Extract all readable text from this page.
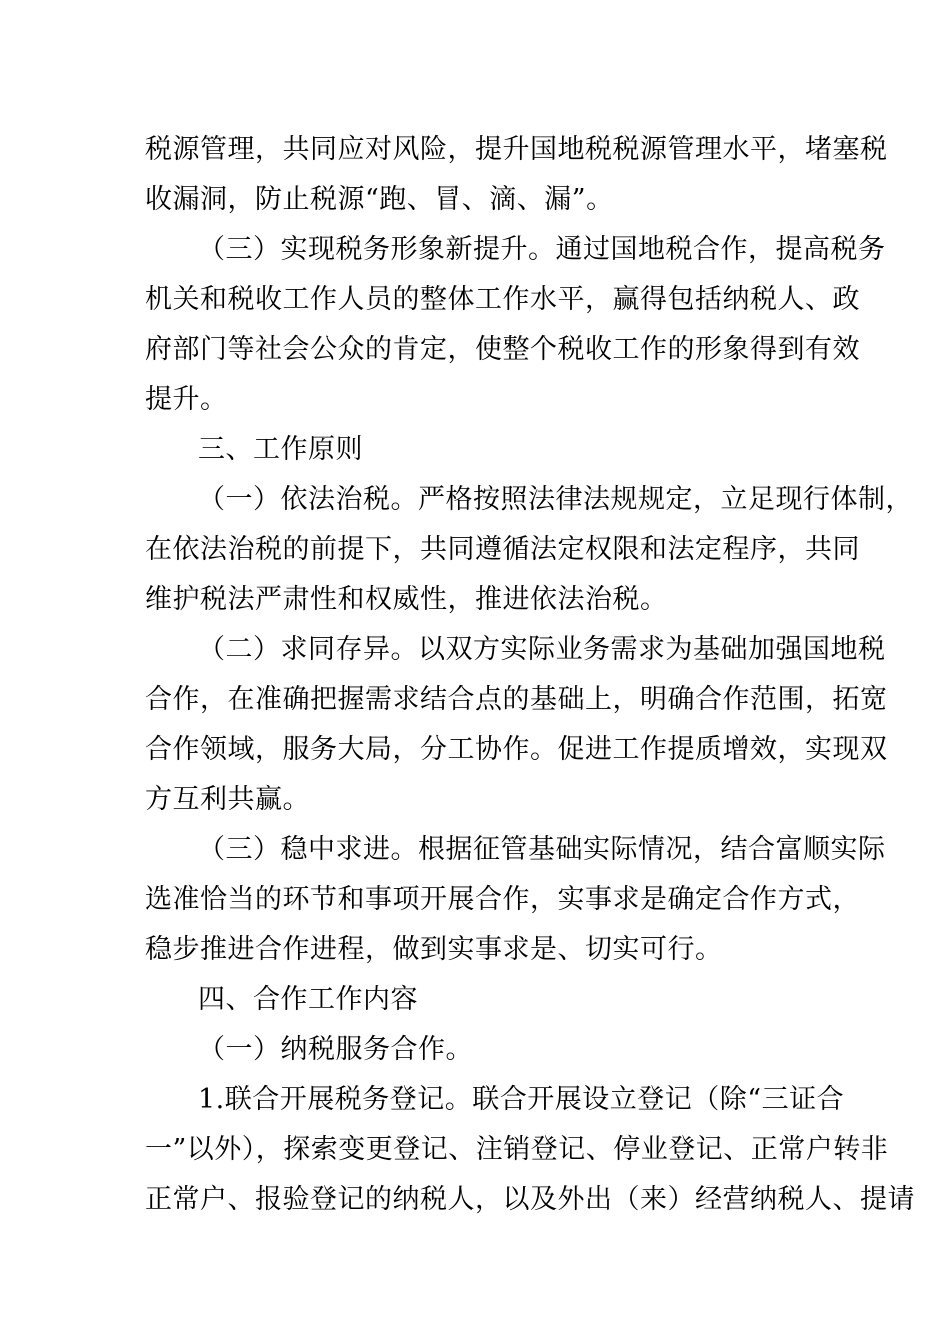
税源管理，共同应对风险，提升国地税税源管理水平，堵塞税
收漏洞，防止税源“跑、冒、滴、漏”。
（三）实现税务形象新提升。通过国地税合作，提高税务
机关和税收工作人员的整体工作水平，赢得包括纳税人、政
府部门等社会公众的肯定，使整个税收工作的形象得到有效
提升。
三、工作原则
（一）依法治税。严格按照法律法规规定，立足现行体制，
在依法治税的前提下，共同遵循法定权限和法定程序，共同
维护税法严肃性和权威性，推进依法治税。
（二）求同存异。以双方实际业务需求为基础加强国地税
合作，在准确把握需求结合点的基础上，明确合作范围，拓宽
合作领域，服务大局，分工协作。促进工作提质增效，实现双
方互利共赢。
（三）稳中求进。根据征管基础实际情况，结合富顺实际
选准恰当的环节和事项开展合作，实事求是确定合作方式，
稳步推进合作进程，做到实事求是、切实可行。
四、合作工作内容
（一）纳税服务合作。
1.联合开展税务登记。联合开展设立登记（除“三证合
一”以外），探索变更登记、注销登记、停业登记、正常户转非
正常户、报验登记的纳税人，以及外出（来）经营纳税人、提请
